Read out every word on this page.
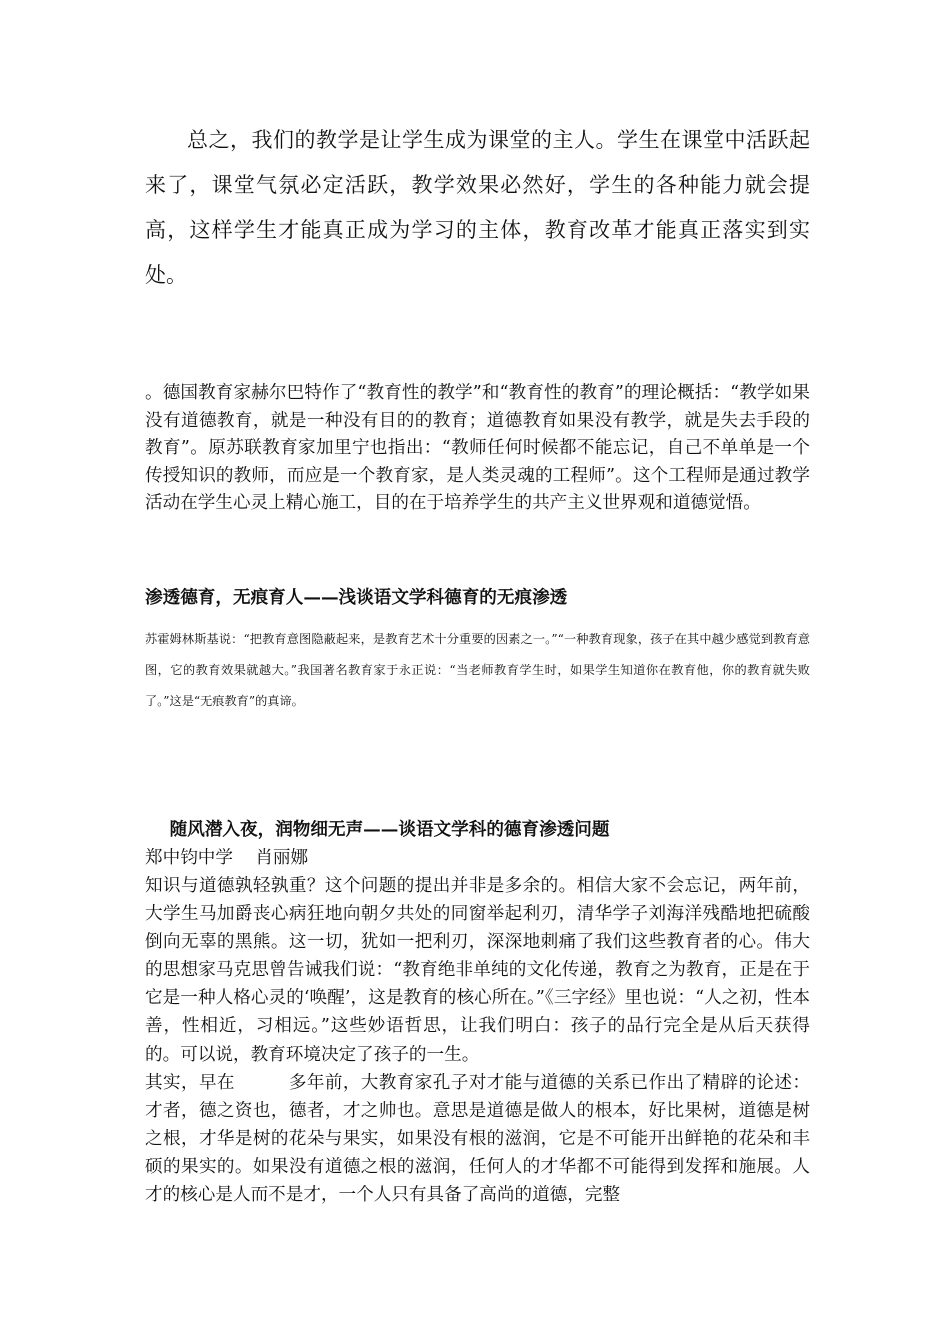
总之，我们的教学是让学生成为课堂的主人。学生在课堂中活跃起来了，课堂气氛必定活跃，教学效果必然好，学生的各种能力就会提高，这样学生才能真正成为学习的主体，教育改革才能真正落实到实处。

。德国教育家赫尔巴特作了“教育性的教学”和“教育性的教育”的理论概括：“教学如果没有道德教育，就是一种没有目的的教育；道德教育如果没有教学，就是失去手段的教育”。原苏联教育家加里宁也指出：“教师任何时候都不能忘记，自己不单单是一个传授知识的教师，而应是一个教育家，是人类灵魂的工程师”。这个工程师是通过教学活动在学生心灵上精心施工，目的在于培养学生的共产主义世界观和道德觉悟。

渗透德育，无痕育人——浅谈语文学科德育的无痕渗透

苏霍姆林斯基说：“把教育意图隐蔽起来，是教育艺术十分重要的因素之一。”“一种教育现象，孩子在其中越少感觉到教育意图，它的教育效果就越大。”我国著名教育家于永正说：“当老师教育学生时，如果学生知道你在教育他，你的教育就失败了。”这是“无痕教育”的真谛。

随风潜入夜，润物细无声——谈语文学科的德育渗透问题

郑中钧中学    肖丽娜

知识与道德孰轻孰重？这个问题的提出并非是多余的。相信大家不会忘记，两年前，大学生马加爵丧心病狂地向朝夕共处的同窗举起利刃，清华学子刘海洋残酷地把硫酸倒向无辜的黑熊。这一切，犹如一把利刃，深深地刺痛了我们这些教育者的心。伟大的思想家马克思曾告诫我们说：“教育绝非单纯的文化传递，教育之为教育，正是在于它是一种人格心灵的‘唤醒’，这是教育的核心所在。”《三字经》里也说：“人之初，性本善，性相近，习相远。”这些妙语哲思，让我们明白：孩子的品行完全是从后天获得的。可以说，教育环境决定了孩子的一生。

其实，早在　　　多年前，大教育家孔子对才能与道德的关系已作出了精辟的论述：才者，德之资也，德者，才之帅也。意思是道德是做人的根本，好比果树，道德是树之根，才华是树的花朵与果实，如果没有根的滋润，它是不可能开出鲜艳的花朵和丰硕的果实的。如果没有道德之根的滋润，任何人的才华都不可能得到发挥和施展。人才的核心是人而不是才，一个人只有具备了高尚的道德，完整
